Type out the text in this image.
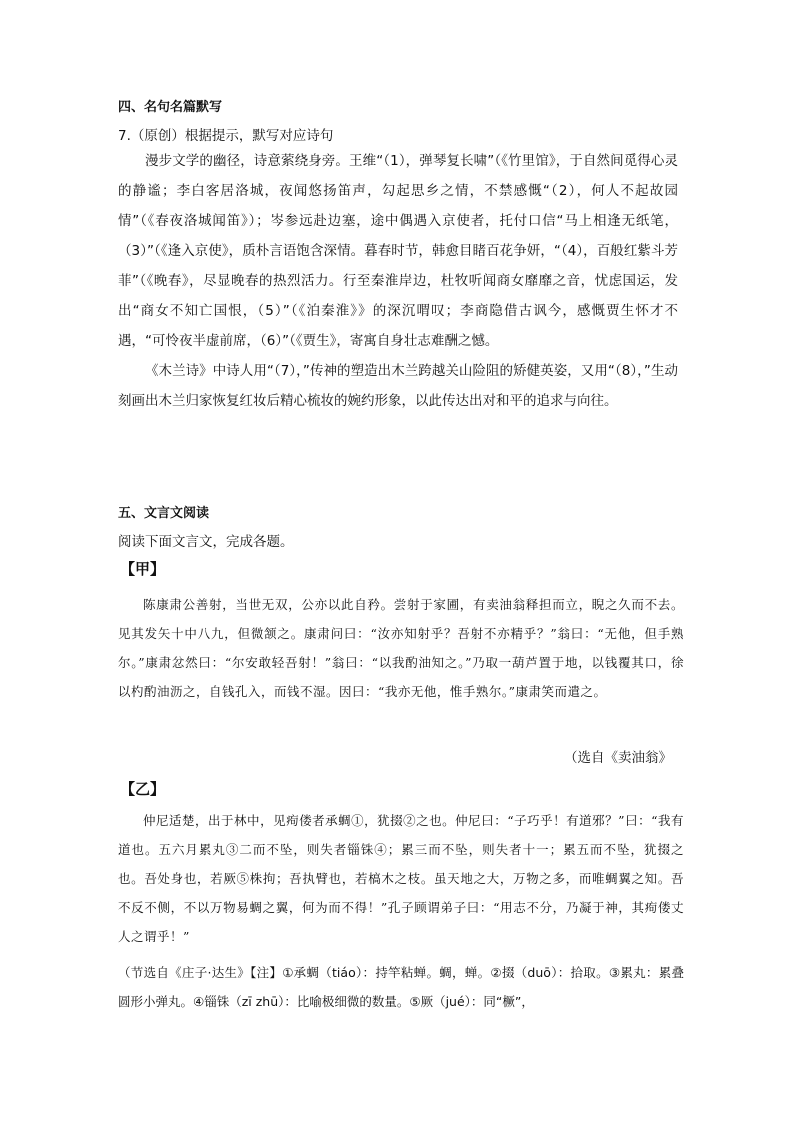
四、名句名篇默写
7.（原创）根据提示，默写对应诗句

漫步文学的幽径，诗意萦绕身旁。王维“（1），弹琴复长啸”（《竹里馆》，于自然间觅得心灵的静谧；李白客居洛城，夜闻悠扬笛声，勾起思乡之情，不禁感慨“（2），何人不起故园情”（《春夜洛城闻笛》）；岑参远赴边塞，途中偶遇入京使者，托付口信“马上相逢无纸笔，（3）”（《逢入京使》，质朴言语饱含深情。暮春时节，韩愈目睹百花争妍，“（4），百般红紫斗芳菲”（《晚春》，尽显晚春的热烈活力。行至秦淮岸边，杜牧听闻商女靡靡之音，忧虑国运，发出“商女不知亡国恨，（5）”（《泊秦淮》》的深沉喟叹；李商隐借古讽今，感慨贾生怀才不遇，“可怜夜半虚前席，（6）”（《贾生》，寄寓自身壮志难酬之憾。

《木兰诗》中诗人用“（7），”传神的塑造出木兰跨越关山险阻的矫健英姿，又用“（8），”生动刻画出木兰归家恢复红妆后精心梳妆的婉约形象，以此传达出对和平的追求与向往。

五、文言文阅读
阅读下面文言文，完成各题。
【甲】

陈康肃公善射，当世无双，公亦以此自矜。尝射于家圃，有卖油翁释担而立，睨之久而不去。见其发矢十中八九，但微颔之。康肃问曰：“汝亦知射乎？吾射不亦精乎？”翁曰：“无他，但手熟尔。”康肃忿然曰：“尔安敢轻吾射！”翁曰：“以我酌油知之。”乃取一葫芦置于地，以钱覆其口，徐以杓酌油沥之，自钱孔入，而钱不湿。因曰：“我亦无他，惟手熟尔。”康肃笑而遣之。

（选自《卖油翁》
【乙】

仲尼适楚，出于林中，见痀偻者承蜩①，犹掇②之也。仲尼曰：“子巧乎！有道邪？”曰：“我有道也。五六月累丸③二而不坠，则失者锱铢④；累三而不坠，则失者十一；累五而不坠，犹掇之也。吾处身也，若厥⑤株拘；吾执臂也，若槁木之枝。虽天地之大，万物之多，而唯蜩翼之知。吾不反不侧，不以万物易蜩之翼，何为而不得！”孔子顾谓弟子曰：“用志不分，乃凝于神，其痀偻丈人之谓乎！”

（节选自《庄子·达生》【注】①承蜩（tiáo）：持竿粘蝉。蜩，蝉。②掇（duō）：拾取。③累丸：累叠圆形小弹丸。④锱铢（zī zhū）：比喻极细微的数量。⑤厥（jué）：同“橛”，
